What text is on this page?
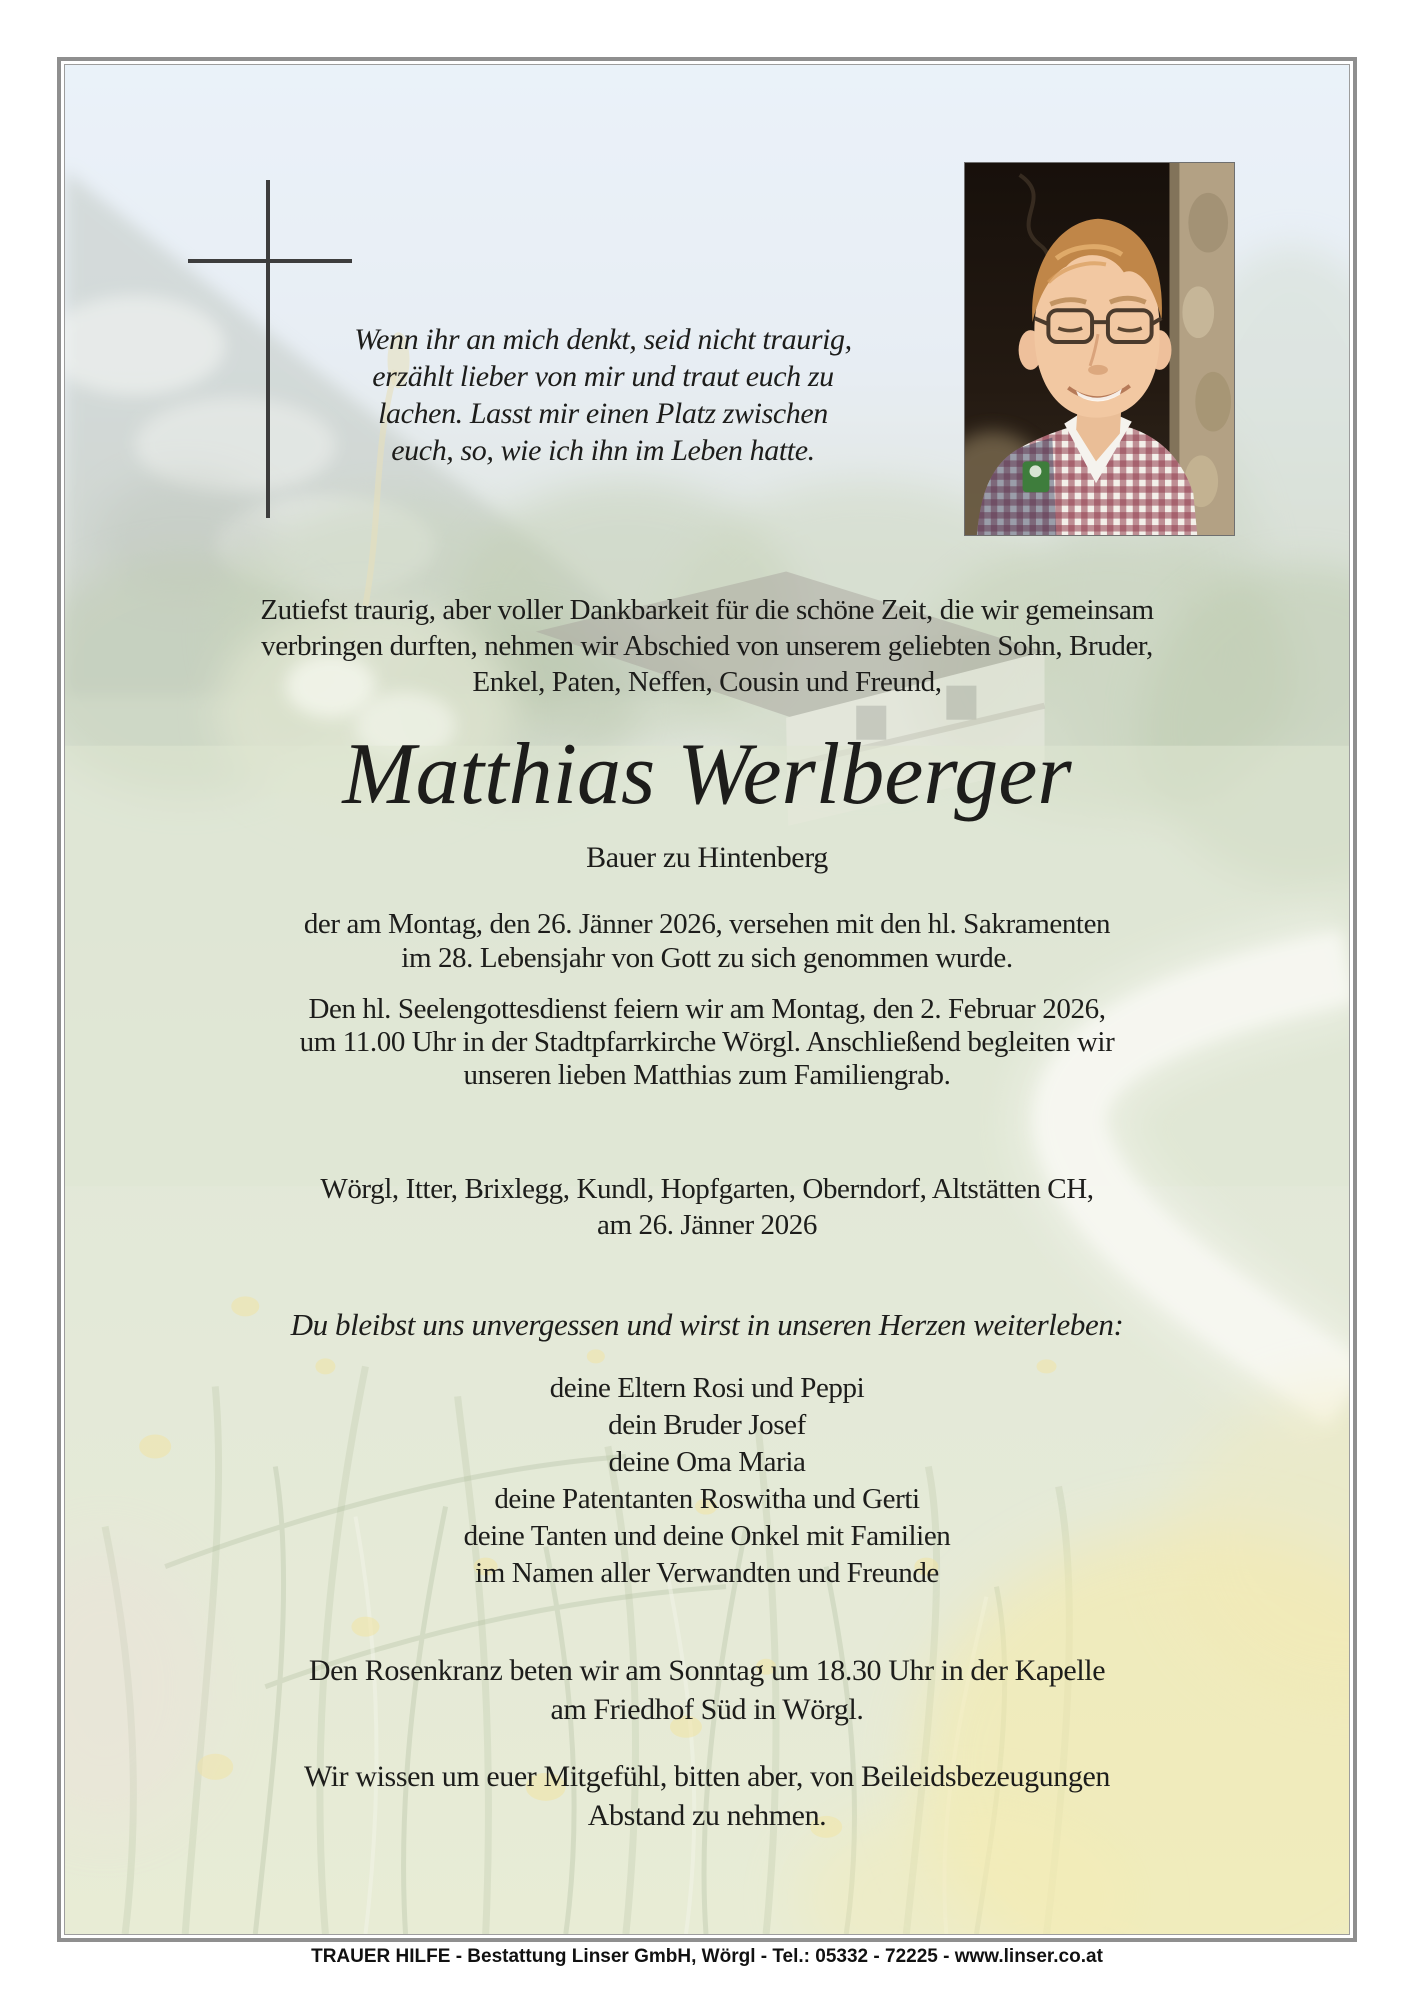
Wenn ihr an mich denkt, seid nicht traurig,
erzählt lieber von mir und traut euch zu
lachen. Lasst mir einen Platz zwischen
euch, so, wie ich ihn im Leben hatte.
Zutiefst traurig, aber voller Dankbarkeit für die schöne Zeit, die wir gemeinsam
verbringen durften, nehmen wir Abschied von unserem geliebten Sohn, Bruder,
Enkel, Paten, Neffen, Cousin und Freund,
Matthias Werlberger
Bauer zu Hintenberg
der am Montag, den 26. Jänner 2026, versehen mit den hl. Sakramenten
im 28. Lebensjahr von Gott zu sich genommen wurde.
Den hl. Seelengottesdienst feiern wir am Montag, den 2. Februar 2026,
um 11.00 Uhr in der Stadtpfarrkirche Wörgl. Anschließend begleiten wir
unseren lieben Matthias zum Familiengrab.
Wörgl, Itter, Brixlegg, Kundl, Hopfgarten, Oberndorf, Altstätten CH,
am 26. Jänner 2026
Du bleibst uns unvergessen und wirst in unseren Herzen weiterleben:
deine Eltern Rosi und Peppi
dein Bruder Josef
deine Oma Maria
deine Patentanten Roswitha und Gerti
deine Tanten und deine Onkel mit Familien
im Namen aller Verwandten und Freunde
Den Rosenkranz beten wir am Sonntag um 18.30 Uhr in der Kapelle
am Friedhof Süd in Wörgl.
Wir wissen um euer Mitgefühl, bitten aber, von Beileidsbezeugungen
Abstand zu nehmen.
TRAUER HILFE - Bestattung Linser GmbH, Wörgl - Tel.: 05332 - 72225 - www.linser.co.at
